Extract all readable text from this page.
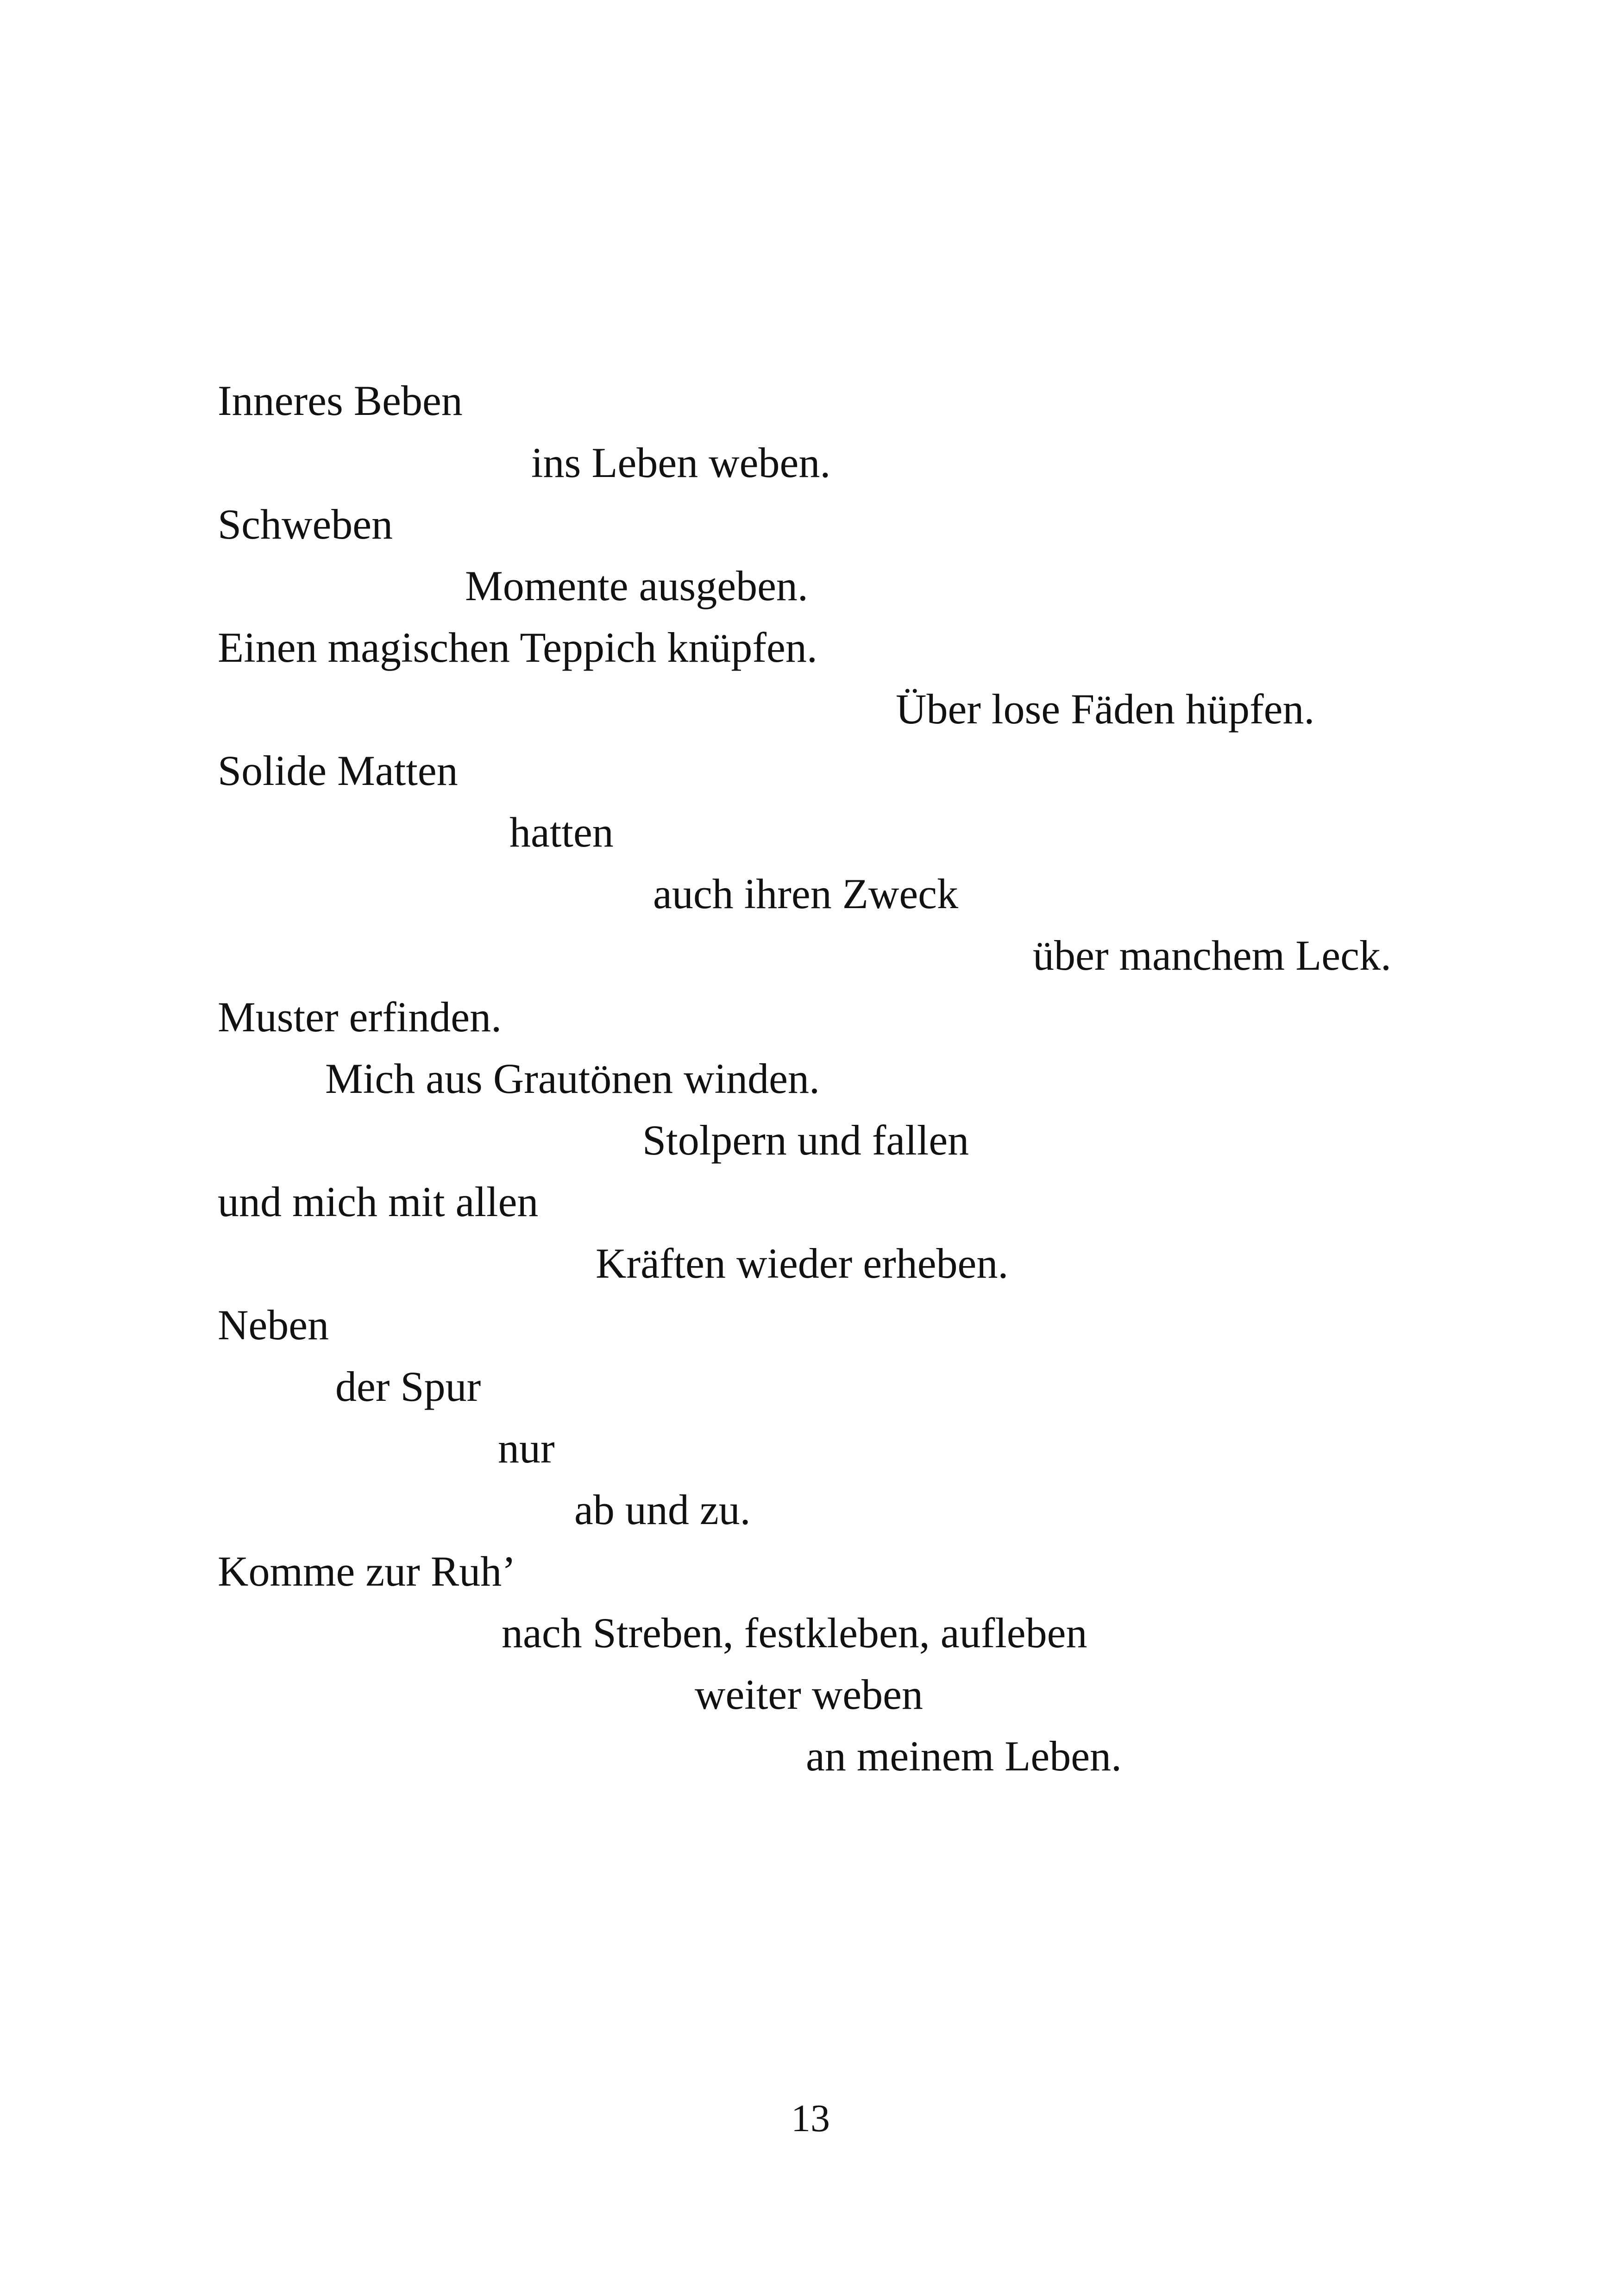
Inneres Beben

ins Leben weben.

Schweben

Momente ausgeben.

Einen magischen Teppich knüpfen.

Über lose Fäden hüpfen.

Solide Matten

hatten

auch ihren Zweck

über manchem Leck.

Muster erfinden.

Mich aus Grautönen winden.

Stolpern und fallen

und mich mit allen

Kräften wieder erheben.

Neben

der Spur

nur

ab und zu.

Komme zur Ruh’

nach Streben, festkleben, aufleben

weiter weben

an meinem Leben.

13
